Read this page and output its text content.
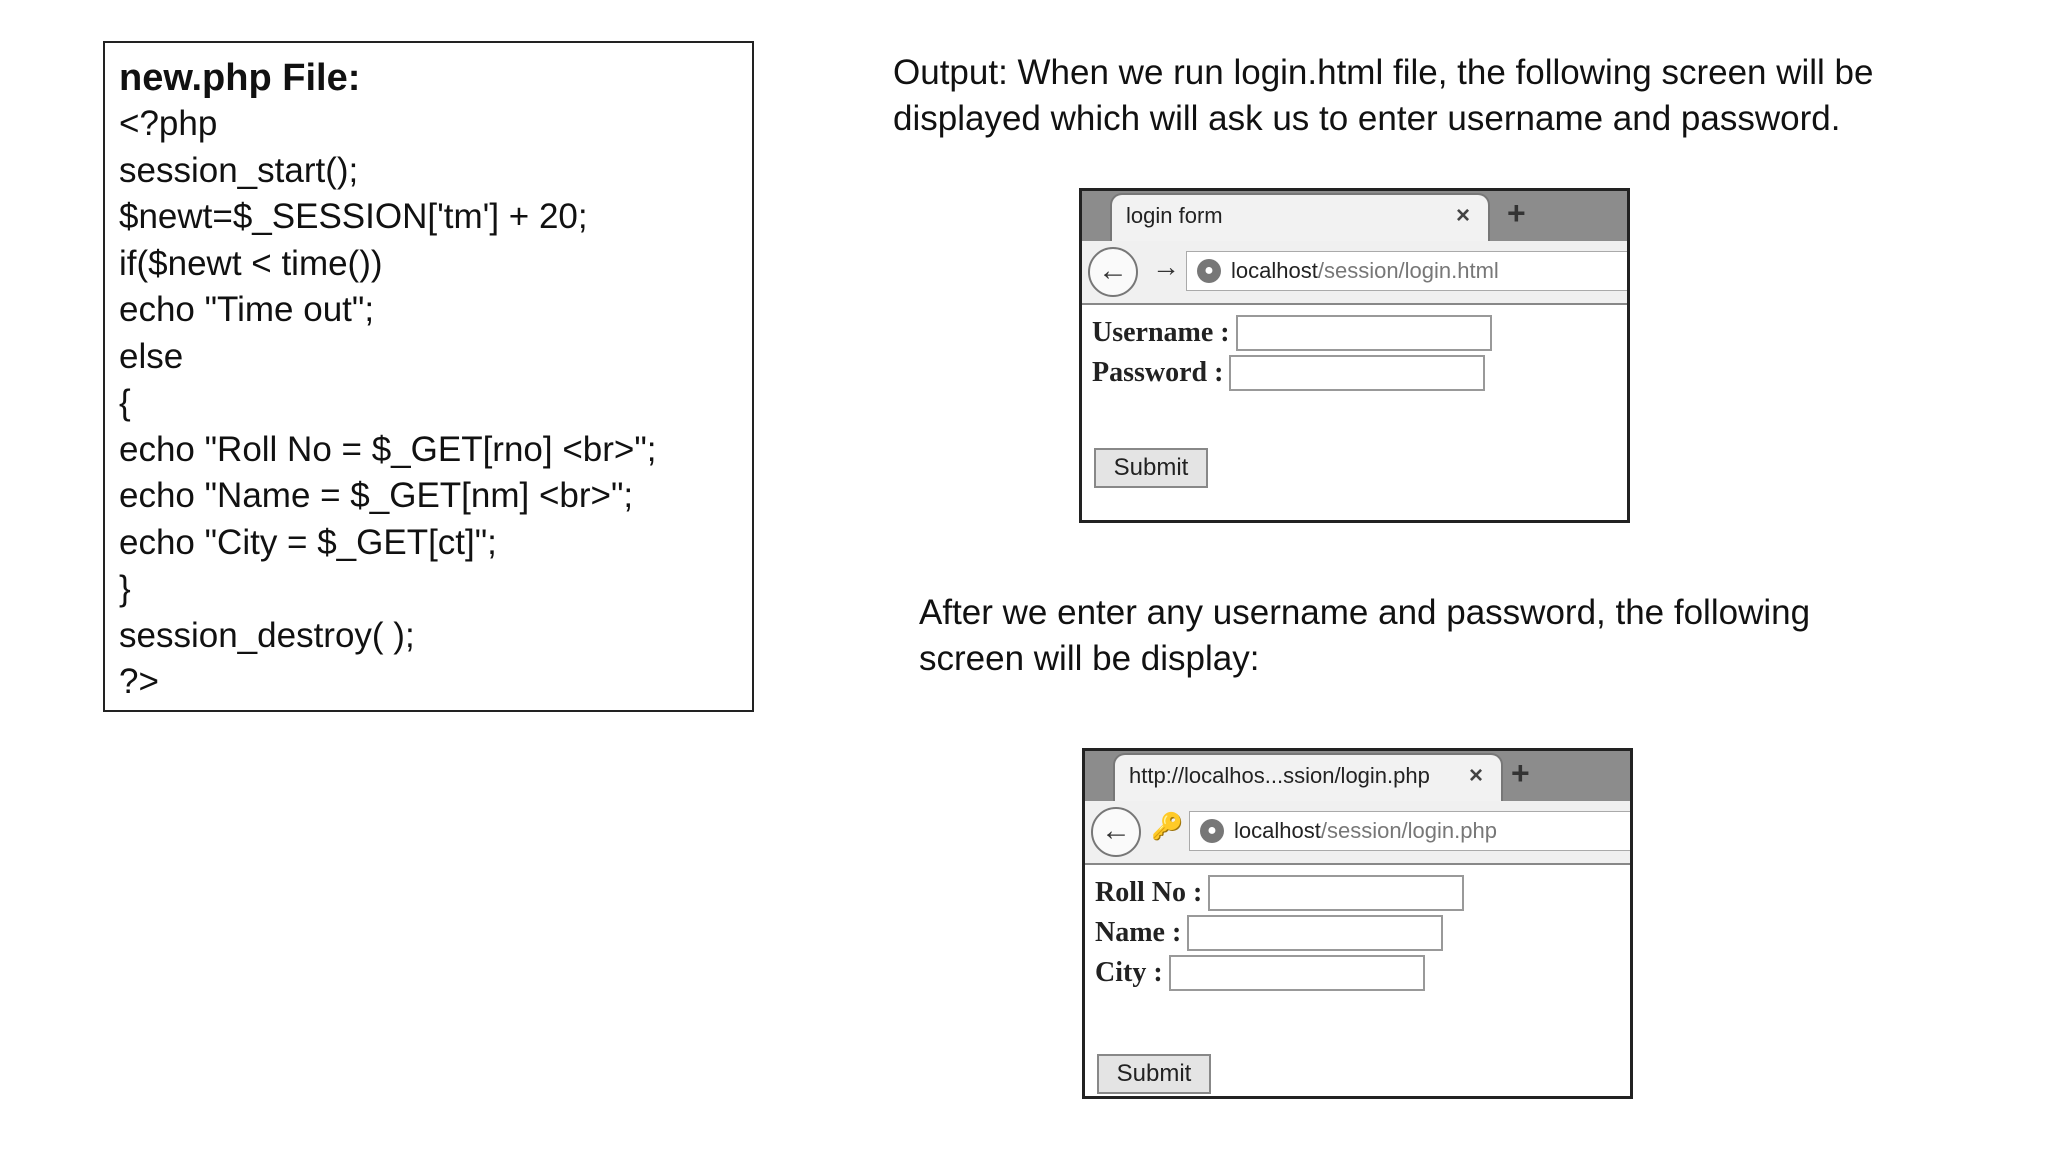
new.php File:

<?php

session_start();

$newt=$_SESSION['tm'] + 20;

if($newt < time())

echo "Time out";

else

{

echo "Roll No = $_GET[rno] <br>";

echo "Name = $_GET[nm] <br>";

echo "City = $_GET[ct]";

}

session_destroy( );

?>

Output: When we run login.html file, the following screen will be displayed which will ask us to enter username and password.

login form	× +
← →	● localhost/session/login.html
Username :
Password :
Submit

After we enter any username and password, the following screen will be display:

http://localhos...ssion/login.php × +
← 🔑	● localhost/session/login.php
Roll No :
Name :
City :
Submit
